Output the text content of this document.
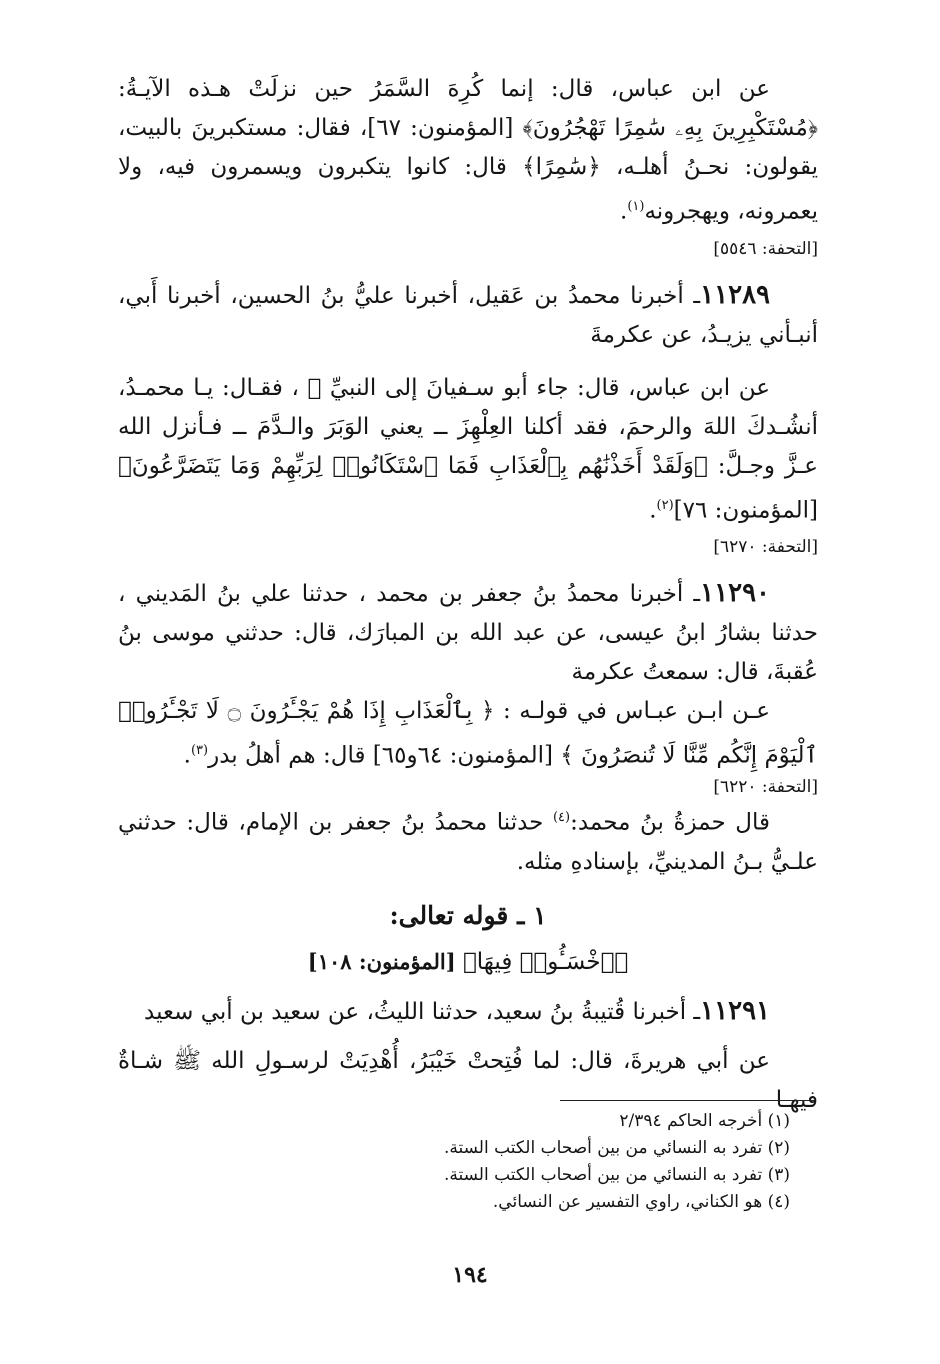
عن ابن عباس، قال: إنما كُرِهَ السَّمَرُ حين نزلَتْ هـذه الآيـةُ: ﴿مُسْتَكْبِرِينَ بِهِۦ سَٰمِرًا تَهْجُرُونَ﴾ [المؤمنون: ٦٧]، فقال: مستكبرينَ بالبيت، يقولون: نحـنُ أهلـه، ﴿سَٰمِرًا﴾ قال: كانوا يتكبرون ويسمرون فيه، ولا يعمرونه، ويهجرونه$^{(١)}$.

[التحفة: ٥٥٤٦]

١١٢٨٩ـ أخبرنا محمدُ بن عَقيل، أخبرنا عليُّ بنُ الحسين، أخبرنا أَبي، أنبـأني يزيـدُ، عن عكرمةَ

عن ابن عباس، قال: جاء أبو سـفيانَ إلى النبيِّ ﷺ ، فقـال: يـا محمـدُ، أنشُـدكَ اللهَ والرحمَ، فقد أكلنا العِلْهِزَ ــ يعني الوَبَرَ والـدَّمَ ــ فـأنزل الله عـزَّ وجـلَّ: ﴿وَلَقَدْ أَخَذْنَٰهُم بِٱلْعَذَابِ فَمَا ٱسْتَكَانُوا۟ لِرَبِّهِمْ وَمَا يَتَضَرَّعُونَ﴾ [المؤمنون: ٧٦]$^{(٢)}$.

[التحفة: ٦٢٧٠]

١١٢٩٠ـ أخبرنا محمدُ بنُ جعفر بن محمد ، حدثنا علي بنُ المَديني ، حدثنا بشارُ ابنُ عيسى، عن عبد الله بن المبارَك، قال: حدثني موسى بنُ عُقبةَ، قال: سمعتُ عكرمة

عـن ابـن عبـاس في قولـه : ﴿ بِٱلْعَذَابِ إِذَا هُمْ يَجْـَٔرُونَ ۝ لَا تَجْـَٔرُوا۟ ٱلْيَوْمَ إِنَّكُم مِّنَّا لَا تُنصَرُونَ ﴾ [المؤمنون: ٦٤و٦٥] قال: هم أهلُ بدر$^{(٣)}$.

[التحفة: ٦٢٢٠]

قال حمزةُ بنُ محمد:$^{(٤)}$ حدثنا محمدُ بنُ جعفر بن الإمام، قال: حدثني علـيُّ بـنُ المدينيِّ، بإسنادهِ مثله.

١ ـ قوله تعالى:
﴿ٱخْسَـُٔوا۟ فِيهَا﴾ [المؤمنون: ١٠٨]

١١٢٩١ـ أخبرنا قُتيبةُ بنُ سعيد، حدثنا الليثُ، عن سعيد بن أبي سعيد

عن أبي هريرةَ، قال: لما فُتِحتْ خَيْبَرُ، أُهْدِيَتْ لرسـولِ الله ﷺ شـاةٌ فيهـا

(١) أخرجه الحاكم ٢/٣٩٤
(٢) تفرد به النسائي من بين أصحاب الكتب الستة.
(٣) تفرد به النسائي من بين أصحاب الكتب الستة.
(٤) هو الكناني، راوي التفسير عن النسائي.
١٩٤
